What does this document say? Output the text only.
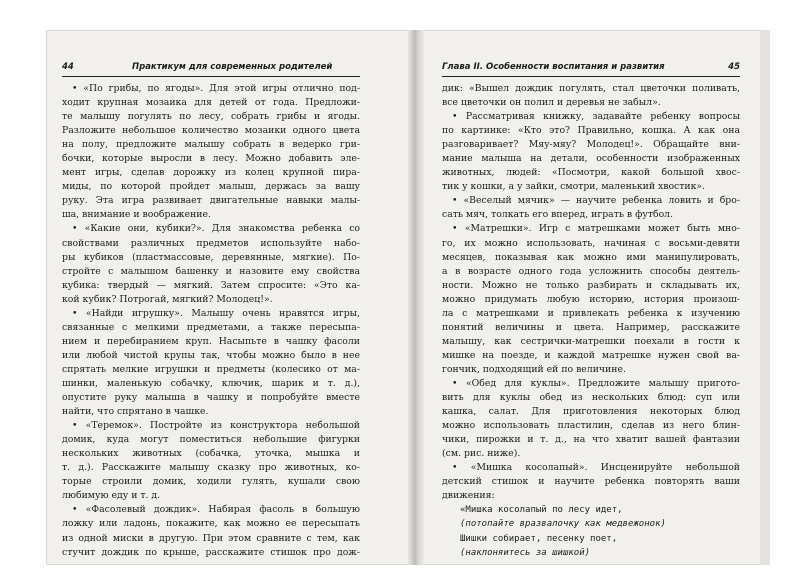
44	Практикум для современных родителей
• «По грибы, по ягоды». Для этой игры отлично под-
ходит крупная мозаика для детей от года. Предложи-
те малышу погулять по лесу, собрать грибы и ягоды.
Разложите небольшое количество мозаики одного цвета
на полу, предложите малышу собрать в ведерко гри-
бочки, которые выросли в лесу. Можно добавить эле-
мент игры, сделав дорожку из колец крупной пира-
миды, по которой пройдет малыш, держась за вашу
руку. Эта игра развивает двигательные навыки малы-
ша, внимание и воображение.
• «Какие они, кубики?». Для знакомства ребенка со
свойствами различных предметов используйте набо-
ры кубиков (пластмассовые, деревянные, мягкие). По-
стройте с малышом башенку и назовите ему свойства
кубика: твердый — мягкий. Затем спросите: «Это ка-
кой кубик? Потрогай, мягкий? Молодец!».
• «Найди игрушку». Малышу очень нравятся игры,
связанные с мелкими предметами, а также пересыпа-
нием и перебиранием круп. Насыпьте в чашку фасоли
или любой чистой крупы так, чтобы можно было в нее
спрятать мелкие игрушки и предметы (колесико от ма-
шинки, маленькую собачку, ключик, шарик и т. д.),
опустите руку малыша в чашку и попробуйте вместе
найти, что спрятано в чашке.
• «Теремок». Постройте из конструктора небольшой
домик, куда могут поместиться небольшие фигурки
нескольких животных (собачка, уточка, мышка и
т. д.). Расскажите малышу сказку про животных, ко-
торые строили домик, ходили гулять, кушали свою
любимую еду и т. д.
• «Фасолевый дождик». Набирая фасоль в большую
ложку или ладонь, покажите, как можно ее пересыпать
из одной миски в другую. При этом сравните с тем, как
стучит дождик по крыше, расскажите стишок про дож-
Глава II. Особенности воспитания и развития	45
дик: «Вышел дождик погулять, стал цветочки поливать,
все цветочки он полил и деревья не забыл».
• Рассматривая книжку, задавайте ребенку вопросы
по картинке: «Кто это? Правильно, кошка. А как она
разговаривает? Мяу-мяу? Молодец!». Обращайте вни-
мание малыша на детали, особенности изображенных
животных, людей: «Посмотри, какой большой хвос-
тик у кошки, а у зайки, смотри, маленький хвостик».
• «Веселый мячик» — научите ребенка ловить и бро-
сать мяч, толкать его вперед, играть в футбол.
• «Матрешки». Игр с матрешками может быть мно-
го, их можно использовать, начиная с восьми-девяти
месяцев, показывая как можно ими манипулировать,
а в возрасте одного года усложнить способы деятель-
ности. Можно не только разбирать и складывать их,
можно придумать любую историю, история произош-
ла с матрешками и привлекать ребенка к изучению
понятий величины и цвета. Например, расскажите
малышу, как сестрички-матрешки поехали в гости к
мишке на поезде, и каждой матрешке нужен свой ва-
гончик, подходящий ей по величине.
• «Обед для куклы». Предложите малышу пригото-
вить для куклы обед из нескольких блюд: суп или
кашка, салат. Для приготовления некоторых блюд
можно использовать пластилин, сделав из него блин-
чики, пирожки и т. д., на что хватит вашей фантазии
(см. рис. ниже).
• «Мишка косолапый». Инсценируйте небольшой
детский стишок и научите ребенка повторять ваши
движения:
«Мишка косолапый по лесу идет,
(потопайте вразвалочку как медвежонок)
Шишки собирает, песенку поет,
(наклоняитесь за шишкой)
